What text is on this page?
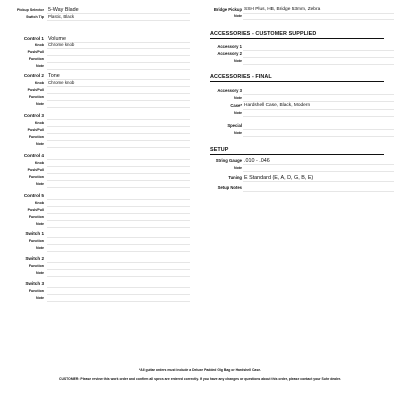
Pickup Selector 5-Way Blade
Switch Tip Plastic, Black
Control 1 Volume
Knob Chrome knob
Push/Pull
Function
Note
Control 2 Tone
Knob Chrome knob
Push/Pull
Function
Note
Control 3
Knob
Push/Pull
Function
Note
Control 4
Knob
Push/Pull
Function
Note
Control 5
Knob
Push/Pull
Function
Note
Switch 1
Function
Note
Switch 2
Function
Note
Switch 3
Function
Note
Bridge Pickup SSH Plus, HB, Bridge 53mm, Zebra
Note
Accessory 1
Accessory 2
Note
Accessory 3
Note
Case* Hardshell Case, Black, Modern
Note
Special
Note
String Gauge .010 - .046
Note
Tuning E Standard (E, A, D, G, B, E)
Setup Notes
ACCESSORIES - CUSTOMER SUPPLIED
ACCESSORIES - FINAL
SETUP
*All guitar orders must include a Deluxe Padded Gig Bag or Hardshell Case.
CUSTOMER: Please review this work order and confirm all specs are entered correctly. If you have any changes or questions about this order, please contact your Suhr dealer.
